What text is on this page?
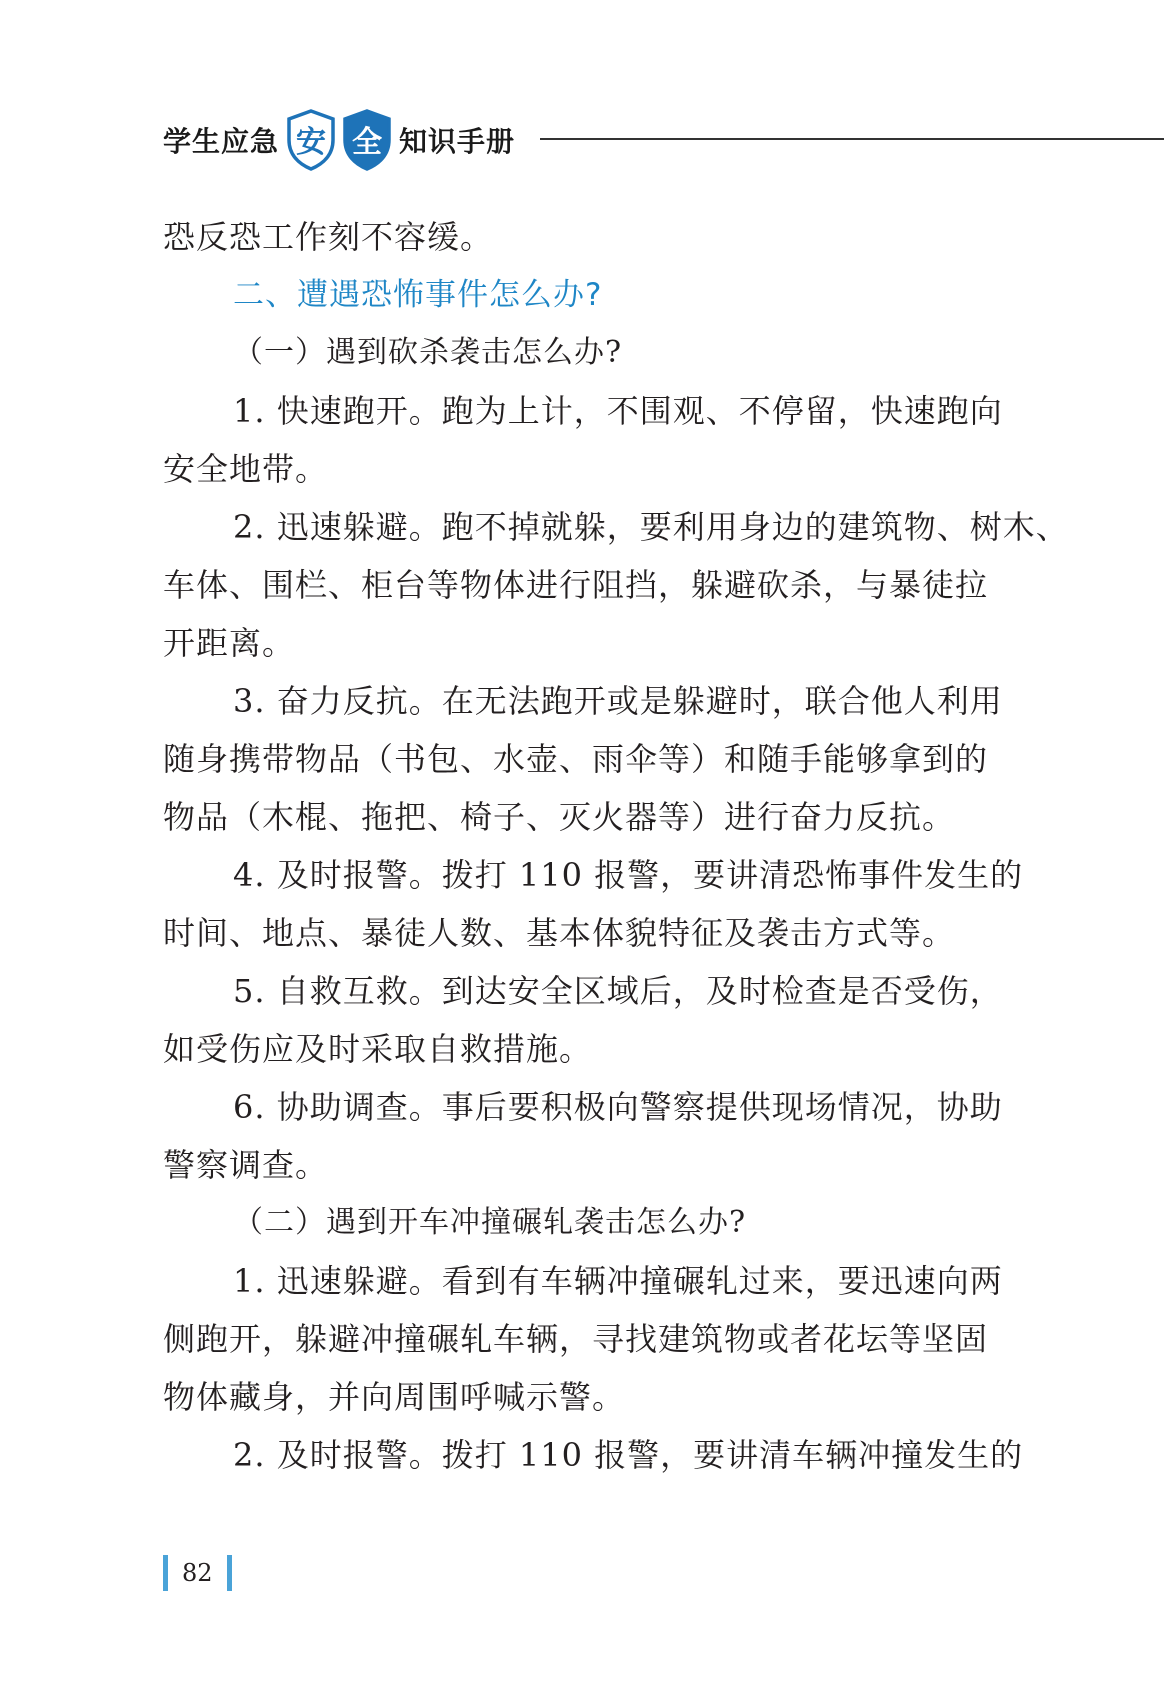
学生应急 安 全 知识手册
恐反恐工作刻不容缓。
二、遭遇恐怖事件怎么办?
（一）遇到砍杀袭击怎么办?
1. 快速跑开。跑为上计，不围观、不停留，快速跑向
安全地带。
2. 迅速躲避。跑不掉就躲，要利用身边的建筑物、树木、
车体、围栏、柜台等物体进行阻挡，躲避砍杀，与暴徒拉
开距离。
3. 奋力反抗。在无法跑开或是躲避时，联合他人利用
随身携带物品（书包、水壶、雨伞等）和随手能够拿到的
物品（木棍、拖把、椅子、灭火器等）进行奋力反抗。
4. 及时报警。拨打 110 报警，要讲清恐怖事件发生的
时间、地点、暴徒人数、基本体貌特征及袭击方式等。
5. 自救互救。到达安全区域后，及时检查是否受伤，
如受伤应及时采取自救措施。
6. 协助调查。事后要积极向警察提供现场情况，协助
警察调查。
（二）遇到开车冲撞碾轧袭击怎么办?
1. 迅速躲避。看到有车辆冲撞碾轧过来，要迅速向两
侧跑开，躲避冲撞碾轧车辆，寻找建筑物或者花坛等坚固
物体藏身，并向周围呼喊示警。
2. 及时报警。拨打 110 报警，要讲清车辆冲撞发生的
82
